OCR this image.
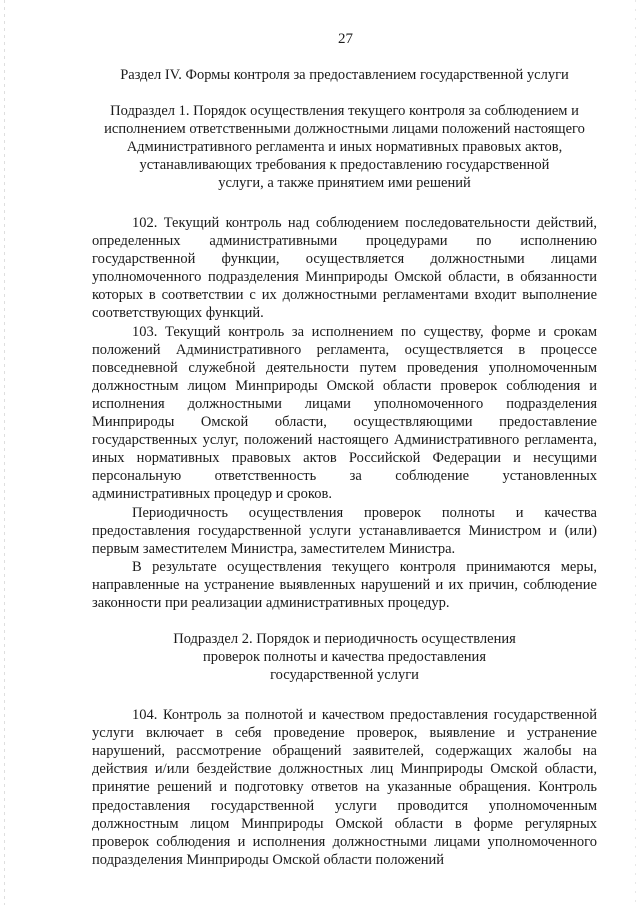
27
Раздел IV. Формы контроля за предоставлением государственной услуги
Подраздел 1. Порядок осуществления текущего контроля за соблюдением и
исполнением ответственными должностными лицами положений настоящего
Административного регламента и иных нормативных правовых актов,
устанавливающих требования к предоставлению государственной
услуги, а также принятием ими решений

102. Текущий контроль над соблюдением последовательности действий, определенных административными процедурами по исполнению государственной функции, осуществляется должностными лицами уполномоченного подразделения Минприроды Омской области, в обязанности которых в соответствии с их должностными регламентами входит выполнение соответствующих функций.

103. Текущий контроль за исполнением по существу, форме и срокам положений Административного регламента, осуществляется в процессе повседневной служебной деятельности путем проведения уполномоченным должностным лицом Минприроды Омской области проверок соблюдения и исполнения должностными лицами уполномоченного подразделения Минприроды Омской области, осуществляющими предоставление государственных услуг, положений настоящего Административного регламента, иных нормативных правовых актов Российской Федерации и несущими персональную ответственность за соблюдение установленных административных процедур и сроков.

Периодичность осуществления проверок полноты и качества предоставления государственной услуги устанавливается Министром и (или) первым заместителем Министра, заместителем Министра.

В результате осуществления текущего контроля принимаются меры, направленные на устранение выявленных нарушений и их причин, соблюдение законности при реализации административных процедур.

Подраздел 2. Порядок и периодичность осуществления
проверок полноты и качества предоставления
государственной услуги

104. Контроль за полнотой и качеством предоставления государственной услуги включает в себя проведение проверок, выявление и устранение нарушений, рассмотрение обращений заявителей, содержащих жалобы на действия и/или бездействие должностных лиц Минприроды Омской области, принятие решений и подготовку ответов на указанные обращения. Контроль предоставления государственной услуги проводится уполномоченным должностным лицом Минприроды Омской области в форме регулярных проверок соблюдения и исполнения должностными лицами уполномоченного подразделения Минприроды Омской области положений
